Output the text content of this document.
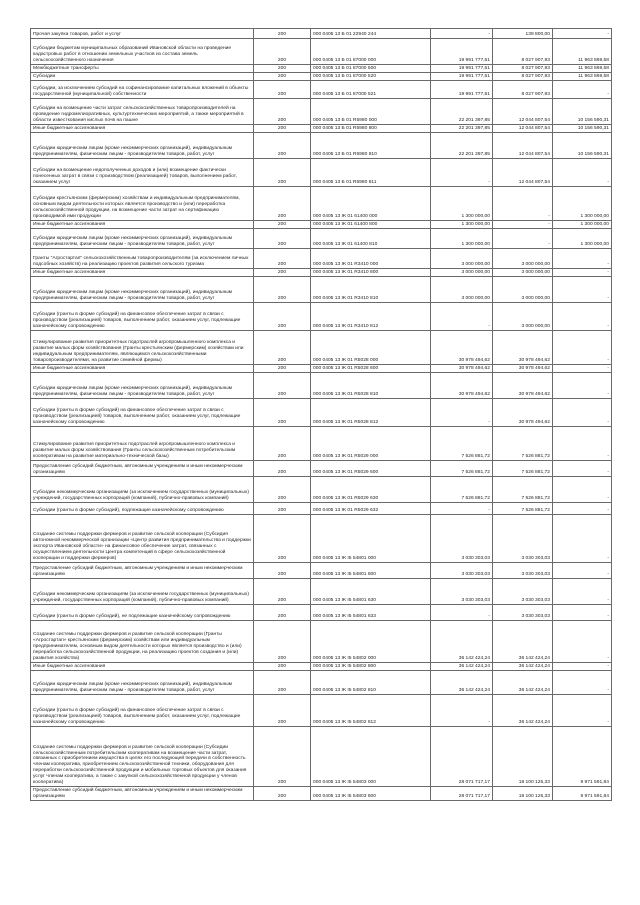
Прочая закупка товаров, работ и услуг	200	000 0405 13 Б 01 22940 244	-	139 800,00	-
Субсидии бюджетам муниципальных образований Ивановской области на проведение кадастровых работ в отношении земельных участков из состава земель сельскохозяйственного назначения	200	000 0405 13 Б 01 87000 000	19 991 777,51	8 027 907,93	11 963 869,58
Межбюджетные трансферты	200	000 0405 13 Б 01 87000 500	19 991 777,51	8 027 907,93	11 963 869,58
Субсидии	200	000 0405 13 Б 01 87000 520	19 991 777,51	8 027 907,93	11 963 869,58
Субсидии, за исключением субсидий на софинансирование капитальных вложений в объекты государственной (муниципальной) собственности	200	000 0405 13 Б 01 87000 521	19 991 777,51	8 027 907,93	-
Субсидии на возмещение части затрат сельскохозяйственных товаропроизводителей на проведение гидромелиоративных, культуртехнических мероприятий, а также мероприятий в области известкования кислых почв на пашне	200	000 0405 13 Б 01 R5980 000	22 201 397,85	12 044 807,54	10 156 590,31
Иные бюджетные ассигнования	200	000 0405 13 Б 01 R5980 800	22 201 397,85	12 044 807,54	10 156 590,31
Субсидии юридическим лицам (кроме некоммерческих организаций), индивидуальным предпринимателям, физическим лицам - производителям товаров, работ, услуг	200	000 0405 13 Б 01 R5980 810	22 201 397,85	12 044 807,54	10 156 590,31
Субсидии на возмещение недополученных доходов и (или) возмещение фактически понесенных затрат в связи с производством (реализацией) товаров, выполнением работ, оказанием услуг	200	000 0405 13 Б 01 R5980 811	-	12 044 807,54	-
Субсидии крестьянским (фермерским) хозяйствам и индивидуальным предпринимателям, основным видом деятельности которых является производство и (или) переработка сельскохозяйственной продукции, на возмещение части затрат на сертификацию производимой ими продукции	200	000 0405 13 Ж 01 61400 000	1 300 000,00	-	1 300 000,00
Иные бюджетные ассигнования	200	000 0405 13 Ж 01 61400 800	1 300 000,00	-	1 300 000,00
Субсидии юридическим лицам (кроме некоммерческих организаций), индивидуальным предпринимателям, физическим лицам - производителям товаров, работ, услуг	200	000 0405 13 Ж 01 61400 810	1 300 000,00	-	1 300 000,00
Гранты "Агростартап" сельскохозяйственным товаропроизводителям (за исключением личных подсобных хозяйств) на реализацию проектов развития сельского туризма	200	000 0405 13 Ж 01 R3410 000	3 000 000,00	3 000 000,00	-
Иные бюджетные ассигнования	200	000 0405 13 Ж 01 R3410 800	3 000 000,00	3 000 000,00	-
Субсидии юридическим лицам (кроме некоммерческих организаций), индивидуальным предпринимателям, физическим лицам - производителям товаров, работ, услуг	200	000 0405 13 Ж 01 R3410 810	3 000 000,00	3 000 000,00	-
Субсидии (гранты в форме субсидий) на финансовое обеспечение затрат в связи с производством (реализацией) товаров, выполнением работ, оказанием услуг, подлежащие казначейскому сопровождению	200	000 0405 13 Ж 01 R3410 812	-	3 000 000,00	-
Стимулирование развития приоритетных подотраслей агропромышленного комплекса и развитие малых форм хозяйствования (Гранты крестьянским (фермерским) хозяйствам или индивидуальным предпринимателям, являющимся сельскохозяйственными товаропроизводителями, на развитие семейной фермы)	200	000 0405 13 Ж 01 R5028 000	30 978 494,62	30 978 494,62	-
Иные бюджетные ассигнования	200	000 0405 13 Ж 01 R5028 800	30 978 494,62	30 978 494,62	-
Субсидии юридическим лицам (кроме некоммерческих организаций), индивидуальным предпринимателям, физическим лицам - производителям товаров, работ, услуг	200	000 0405 13 Ж 01 R5028 810	30 978 494,62	30 978 494,62	-
Субсидии (гранты в форме субсидий) на финансовое обеспечение затрат в связи с производством (реализацией) товаров, выполнением работ, оказанием услуг, подлежащие казначейскому сопровождению	200	000 0405 13 Ж 01 R5028 812	-	30 978 494,62	-
Стимулирование развития приоритетных подотраслей агропромышленного комплекса и развитие малых форм хозяйствования (Гранты сельскохозяйственным потребительским кооперативам на развитие материально-технической базы)	200	000 0405 13 Ж 01 R5029 000	7 526 881,72	7 526 881,72	-
Предоставление субсидий бюджетным, автономным учреждениям и иным некоммерческим организациям	200	000 0405 13 Ж 01 R5029 600	7 526 881,72	7 526 881,72	-
Субсидии некоммерческим организациям (за исключением государственных (муниципальных) учреждений, государственных корпораций (компаний), публично-правовых компаний)	200	000 0405 13 Ж 01 R5029 630	7 526 881,72	7 526 881,72	-
Субсидии (гранты в форме субсидий), подлежащие казначейскому сопровождению	200	000 0405 13 Ж 01 R5029 632	-	7 526 881,72	-
Создание системы поддержки фермеров и развитие сельской кооперации (Субсидия автономной некоммерческой организации «Центр развития предпринимательства и поддержки экспорта Ивановской области» на финансовое обеспечение затрат, связанных с осуществлением деятельности Центра компетенций в сфере сельскохозяйственной кооперации и поддержки фермеров)	200	000 0405 13 Ж I5 54801 000	3 030 303,03	3 030 303,03	-
Предоставление субсидий бюджетным, автономным учреждениям и иным некоммерческим организациям	200	000 0405 13 Ж I5 54801 600	3 030 303,03	3 030 303,03	-
Субсидии некоммерческим организациям (за исключением государственных (муниципальных) учреждений, государственных корпораций (компаний), публично-правовых компаний)	200	000 0405 13 Ж I5 54801 630	3 030 303,03	3 030 303,03	-
Субсидии (гранты в форме субсидий), не подлежащие казначейскому сопровождению	200	000 0405 13 Ж I5 54801 633	-	3 030 303,03	-
Создание системы поддержки фермеров и развитие сельской кооперации (Гранты «Агростартап» крестьянским (фермерским) хозяйствам или индивидуальным предпринимателям, основным видом деятельности которых является производство и (или) переработка сельскохозяйственной продукции, на реализацию проектов создания и (или) развития хозяйства)	200	000 0405 13 Ж I5 54802 000	36 142 424,24	36 142 424,24	-
Иные бюджетные ассигнования	200	000 0405 13 Ж I5 54802 800	36 142 424,24	36 142 424,24	-
Субсидии юридическим лицам (кроме некоммерческих организаций), индивидуальным предпринимателям, физическим лицам - производителям товаров, работ, услуг	200	000 0405 13 Ж I5 54802 810	36 142 424,24	36 142 424,24	-
Субсидии (гранты в форме субсидий) на финансовое обеспечение затрат в связи с производством (реализацией) товаров, выполнением работ, оказанием услуг, подлежащие казначейскому сопровождению	200	000 0405 13 Ж I5 54802 812	-	36 142 424,24	-
Создание системы поддержки фермеров и развитие сельской кооперации (Субсидии сельскохозяйственным потребительским кооперативам на возмещение части затрат, связанных с приобретением имущества в целях его последующей передачи в собственность членам кооператива, приобретением сельскохозяйственной техники, оборудования для переработки сельскохозяйственной продукции и мобильных торговых объектов для оказания услуг членам кооператива, а также с закупкой сельскохозяйственной продукции у членов кооператива)	200	000 0405 13 Ж I5 54803 000	28 071 717,17	18 100 125,33	9 971 591,84
Предоставление субсидий бюджетным, автономным учреждениям и иным некоммерческим организациям	200	000 0405 13 Ж I5 54803 600	28 071 717,17	18 100 125,33	9 971 591,84
